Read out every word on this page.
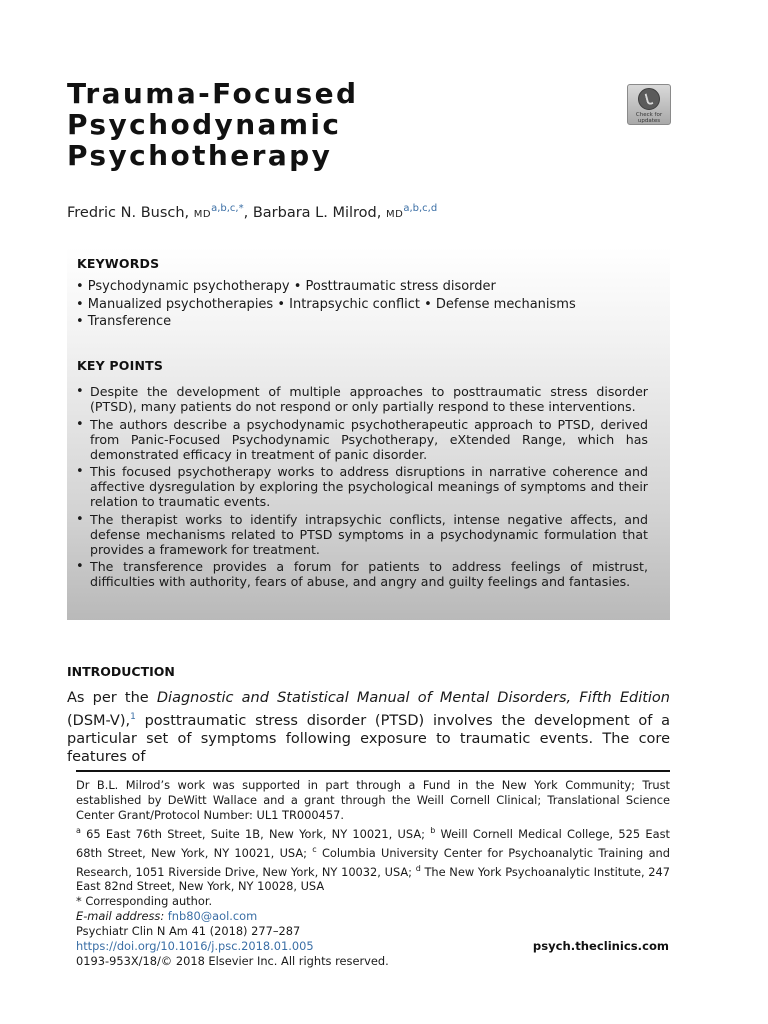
Trauma-Focused
Psychodynamic
Psychotherapy
Check for
updates
Fredric N. Busch, $MD^{a,b,c,*}$, Barbara L. Milrod, MD$^{a,b,c,d}$
KEYWORDS
• Psychodynamic psychotherapy • Posttraumatic stress disorder
• Manualized psychotherapies • Intrapsychic conflict • Defense mechanisms
• Transference
KEY POINTS
• Despite the development of multiple approaches to posttraumatic stress disorder (PTSD), many patients do not respond or only partially respond to these interventions.
• The authors describe a psychodynamic psychotherapeutic approach to PTSD, derived from Panic-Focused Psychodynamic Psychotherapy, eXtended Range, which has demonstrated efficacy in treatment of panic disorder.
• This focused psychotherapy works to address disruptions in narrative coherence and affective dysregulation by exploring the psychological meanings of symptoms and their relation to traumatic events.
• The therapist works to identify intrapsychic conflicts, intense negative affects, and defense mechanisms related to PTSD symptoms in a psychodynamic formulation that provides a framework for treatment.
• The transference provides a forum for patients to address feelings of mistrust, difficulties with authority, fears of abuse, and angry and guilty feelings and fantasies.
INTRODUCTION
As per the Diagnostic and Statistical Manual of Mental Disorders, Fifth Edition (DSM-V),$^1$ posttraumatic stress disorder (PTSD) involves the development of a particular set of symptoms following exposure to traumatic events. The core features of

Dr B.L. Milrod’s work was supported in part through a Fund in the New York Community; Trust established by DeWitt Wallace and a grant through the Weill Cornell Clinical; Translational Science Center Grant/Protocol Number: UL1 TR000457.

$^a$ 65 East 76th Street, Suite 1B, New York, NY 10021, USA; $^b$ Weill Cornell Medical College, 525 East 68th Street, New York, NY 10021, USA; $^c$ Columbia University Center for Psychoanalytic Training and Research, 1051 Riverside Drive, New York, NY 10032, USA; $^d$ The New York Psychoanalytic Institute, 247 East 82nd Street, New York, NY 10028, USA

* Corresponding author.

E-mail address: fnb80@aol.com

Psychiatr Clin N Am 41 (2018) 277–287
https://doi.org/10.1016/j.psc.2018.01.005
0193-953X/18/© 2018 Elsevier Inc. All rights reserved.
psych.theclinics.com
